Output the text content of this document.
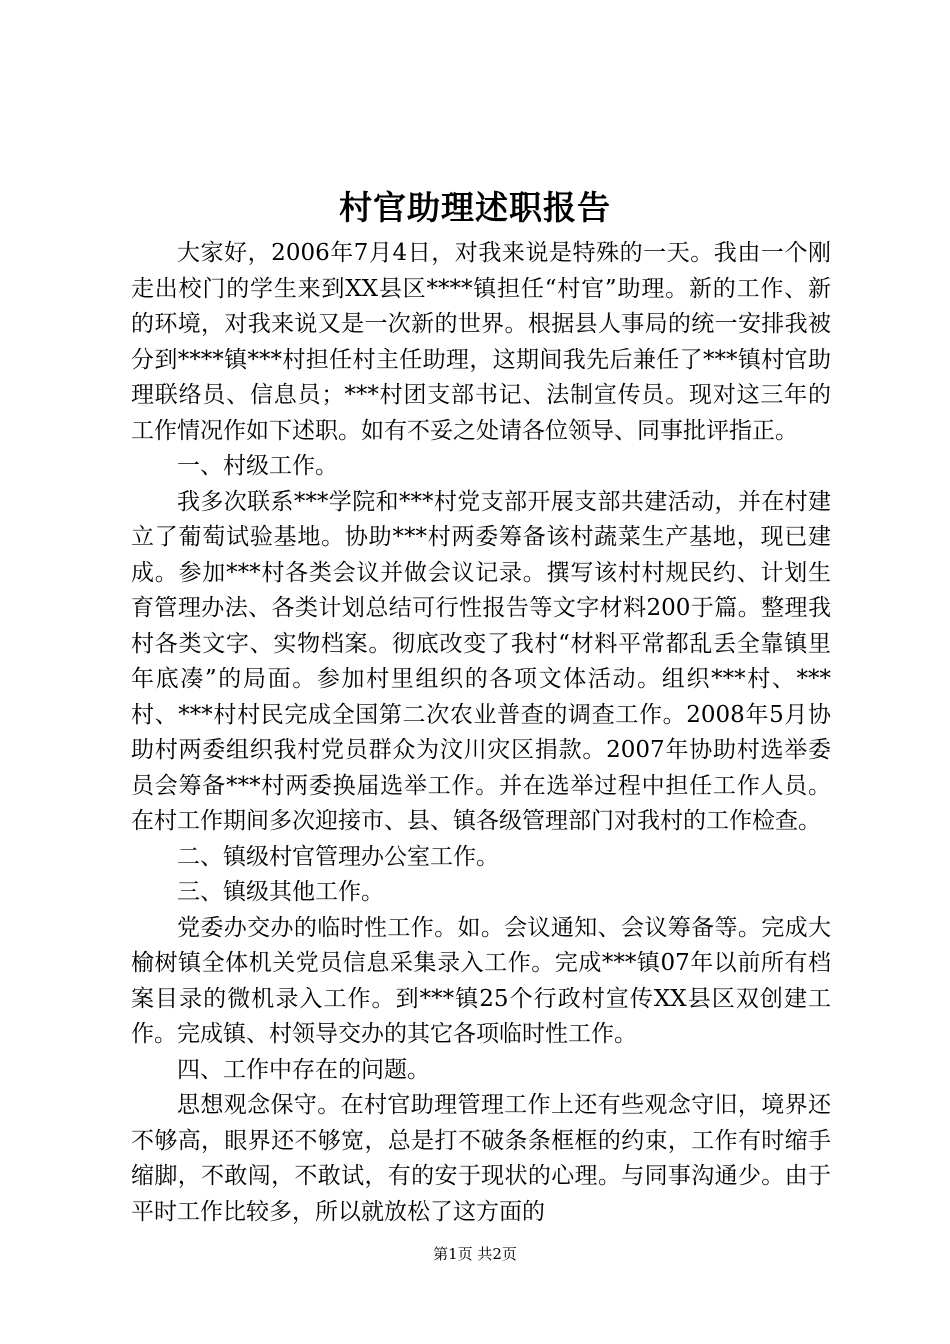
村官助理述职报告

大家好，2006年7月4日，对我来说是特殊的一天。我由一个刚走出校门的学生来到XX县区****镇担任“村官”助理。新的工作、新的环境，对我来说又是一次新的世界。根据县人事局的统一安排我被分到****镇***村担任村主任助理，这期间我先后兼任了***镇村官助理联络员、信息员；***村团支部书记、法制宣传员。现对这三年的工作情况作如下述职。如有不妥之处请各位领导、同事批评指正。

一、村级工作。

我多次联系***学院和***村党支部开展支部共建活动，并在村建立了葡萄试验基地。协助***村两委筹备该村蔬菜生产基地，现已建成。参加***村各类会议并做会议记录。撰写该村村规民约、计划生育管理办法、各类计划总结可行性报告等文字材料200于篇。整理我村各类文字、实物档案。彻底改变了我村“材料平常都乱丢全靠镇里年底凑”的局面。参加村里组织的各项文体活动。组织***村、***村、***村村民完成全国第二次农业普查的调查工作。2008年5月协助村两委组织我村党员群众为汶川灾区捐款。2007年协助村选举委员会筹备***村两委换届选举工作。并在选举过程中担任工作人员。在村工作期间多次迎接市、县、镇各级管理部门对我村的工作检查。

二、镇级村官管理办公室工作。

三、镇级其他工作。

党委办交办的临时性工作。如。会议通知、会议筹备等。完成大榆树镇全体机关党员信息采集录入工作。完成***镇07年以前所有档案目录的微机录入工作。到***镇25个行政村宣传XX县区双创建工作。完成镇、村领导交办的其它各项临时性工作。

四、工作中存在的问题。

思想观念保守。在村官助理管理工作上还有些观念守旧，境界还不够高，眼界还不够宽，总是打不破条条框框的约束，工作有时缩手缩脚，不敢闯，不敢试，有的安于现状的心理。与同事沟通少。由于平时工作比较多，所以就放松了这方面的

第1页 共2页
